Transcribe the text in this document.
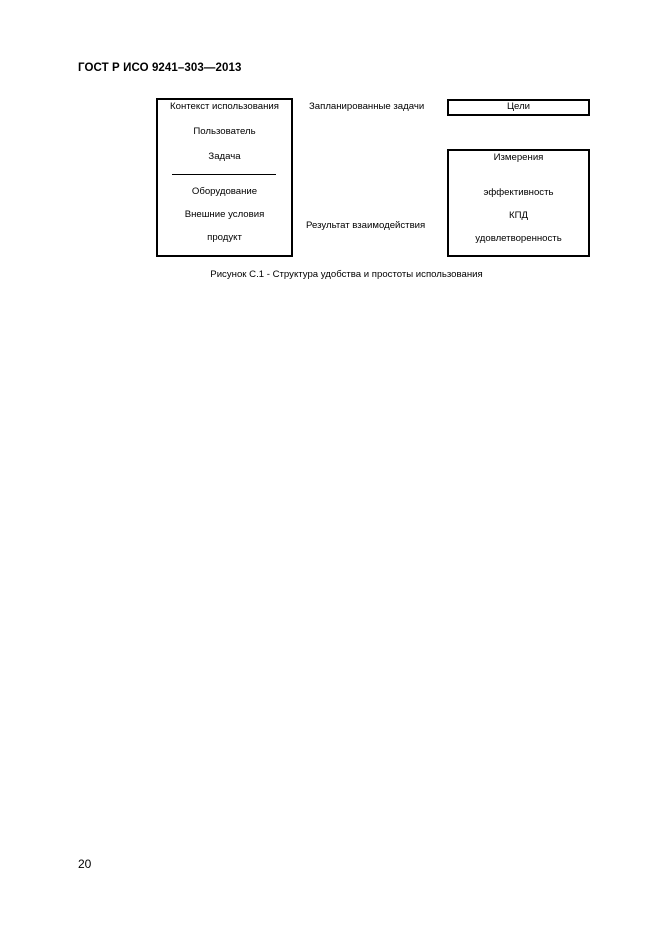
ГОСТ Р ИСО 9241–303—2013
Контекст использования
Пользователь
Задача
Оборудование
Внешние условия
продукт
Запланированные задачи
Результат взаимодействия
Цели
Измерения
эффективность
КПД
удовлетворенность
Рисунок С.1 - Структура удобства и простоты использования
20
